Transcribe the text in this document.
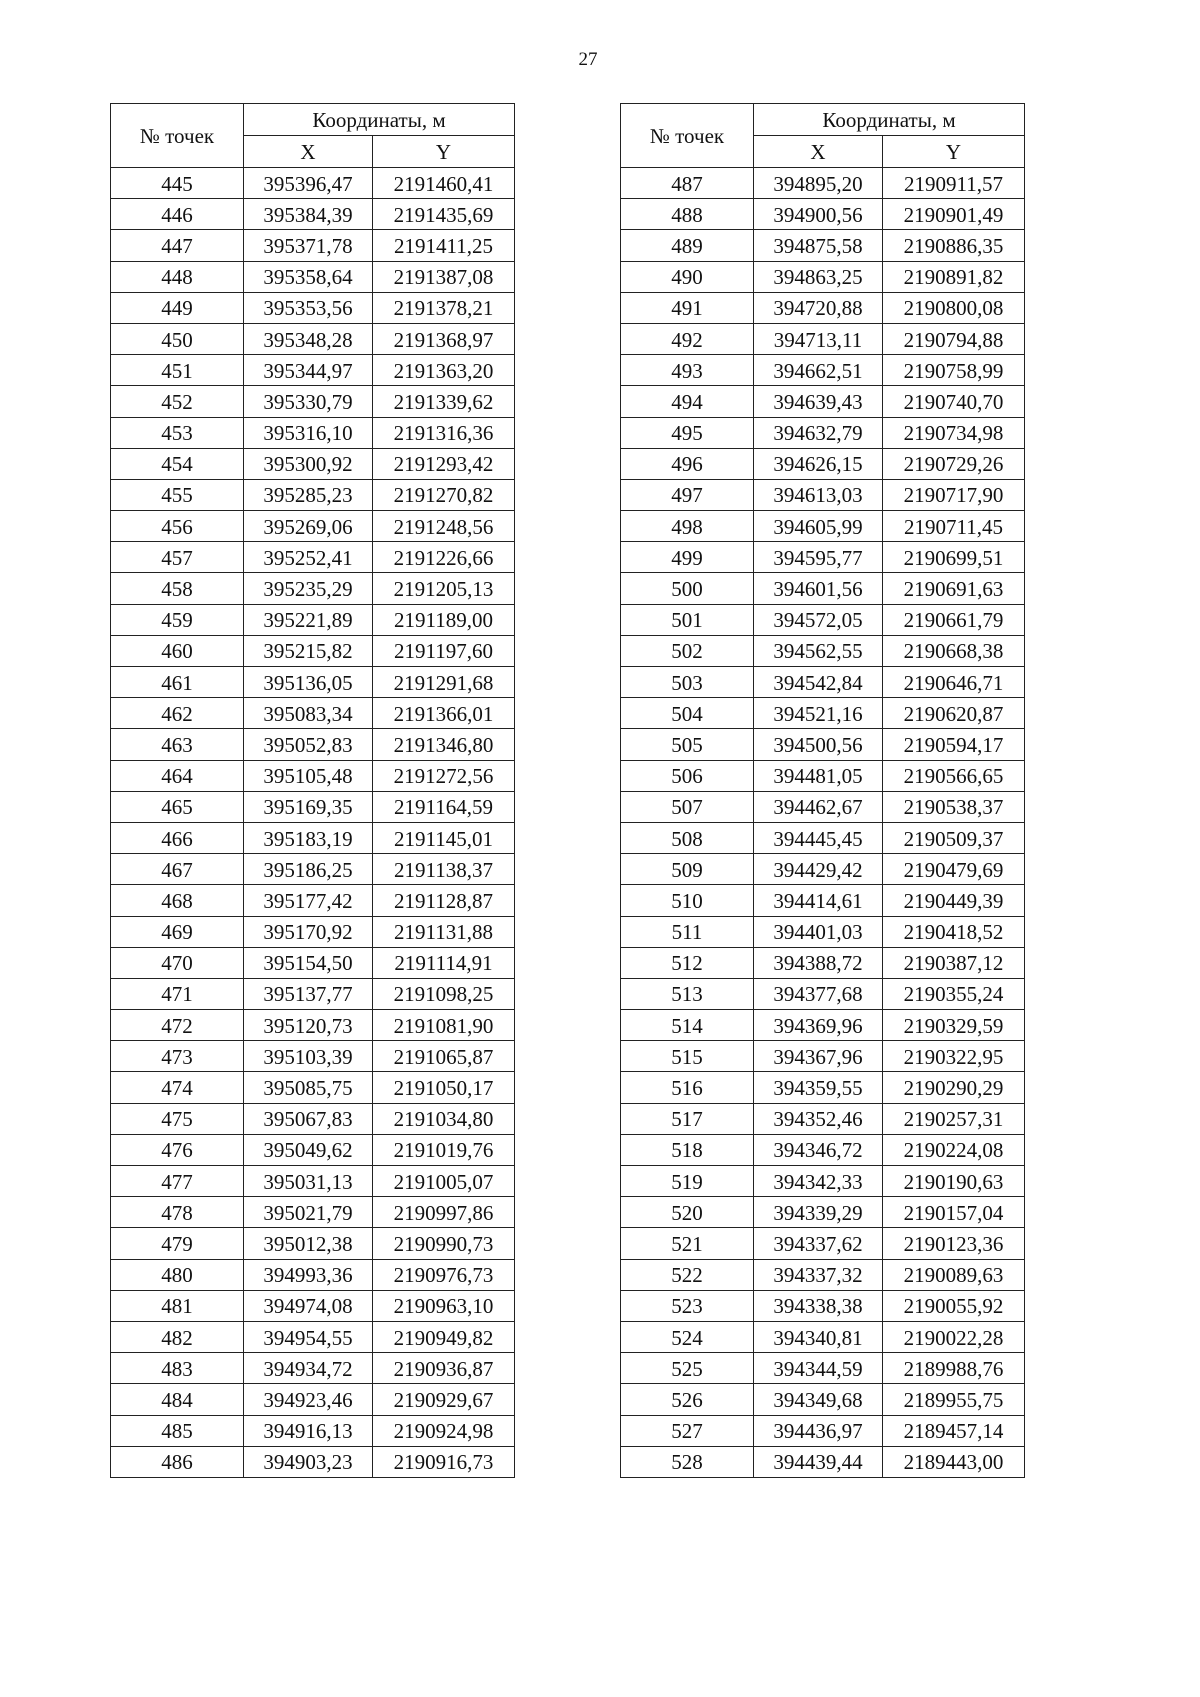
27
№ точек	Координаты, м	
	X	Y
445	395396,47	2191460,41
446	395384,39	2191435,69
447	395371,78	2191411,25
448	395358,64	2191387,08
449	395353,56	2191378,21
450	395348,28	2191368,97
451	395344,97	2191363,20
452	395330,79	2191339,62
453	395316,10	2191316,36
454	395300,92	2191293,42
455	395285,23	2191270,82
456	395269,06	2191248,56
457	395252,41	2191226,66
458	395235,29	2191205,13
459	395221,89	2191189,00
460	395215,82	2191197,60
461	395136,05	2191291,68
462	395083,34	2191366,01
463	395052,83	2191346,80
464	395105,48	2191272,56
465	395169,35	2191164,59
466	395183,19	2191145,01
467	395186,25	2191138,37
468	395177,42	2191128,87
469	395170,92	2191131,88
470	395154,50	2191114,91
471	395137,77	2191098,25
472	395120,73	2191081,90
473	395103,39	2191065,87
474	395085,75	2191050,17
475	395067,83	2191034,80
476	395049,62	2191019,76
477	395031,13	2191005,07
478	395021,79	2190997,86
479	395012,38	2190990,73
480	394993,36	2190976,73
481	394974,08	2190963,10
482	394954,55	2190949,82
483	394934,72	2190936,87
484	394923,46	2190929,67
485	394916,13	2190924,98
486	394903,23	2190916,73
№ точек	Координаты, м	
	X	Y
487	394895,20	2190911,57
488	394900,56	2190901,49
489	394875,58	2190886,35
490	394863,25	2190891,82
491	394720,88	2190800,08
492	394713,11	2190794,88
493	394662,51	2190758,99
494	394639,43	2190740,70
495	394632,79	2190734,98
496	394626,15	2190729,26
497	394613,03	2190717,90
498	394605,99	2190711,45
499	394595,77	2190699,51
500	394601,56	2190691,63
501	394572,05	2190661,79
502	394562,55	2190668,38
503	394542,84	2190646,71
504	394521,16	2190620,87
505	394500,56	2190594,17
506	394481,05	2190566,65
507	394462,67	2190538,37
508	394445,45	2190509,37
509	394429,42	2190479,69
510	394414,61	2190449,39
511	394401,03	2190418,52
512	394388,72	2190387,12
513	394377,68	2190355,24
514	394369,96	2190329,59
515	394367,96	2190322,95
516	394359,55	2190290,29
517	394352,46	2190257,31
518	394346,72	2190224,08
519	394342,33	2190190,63
520	394339,29	2190157,04
521	394337,62	2190123,36
522	394337,32	2190089,63
523	394338,38	2190055,92
524	394340,81	2190022,28
525	394344,59	2189988,76
526	394349,68	2189955,75
527	394436,97	2189457,14
528	394439,44	2189443,00
